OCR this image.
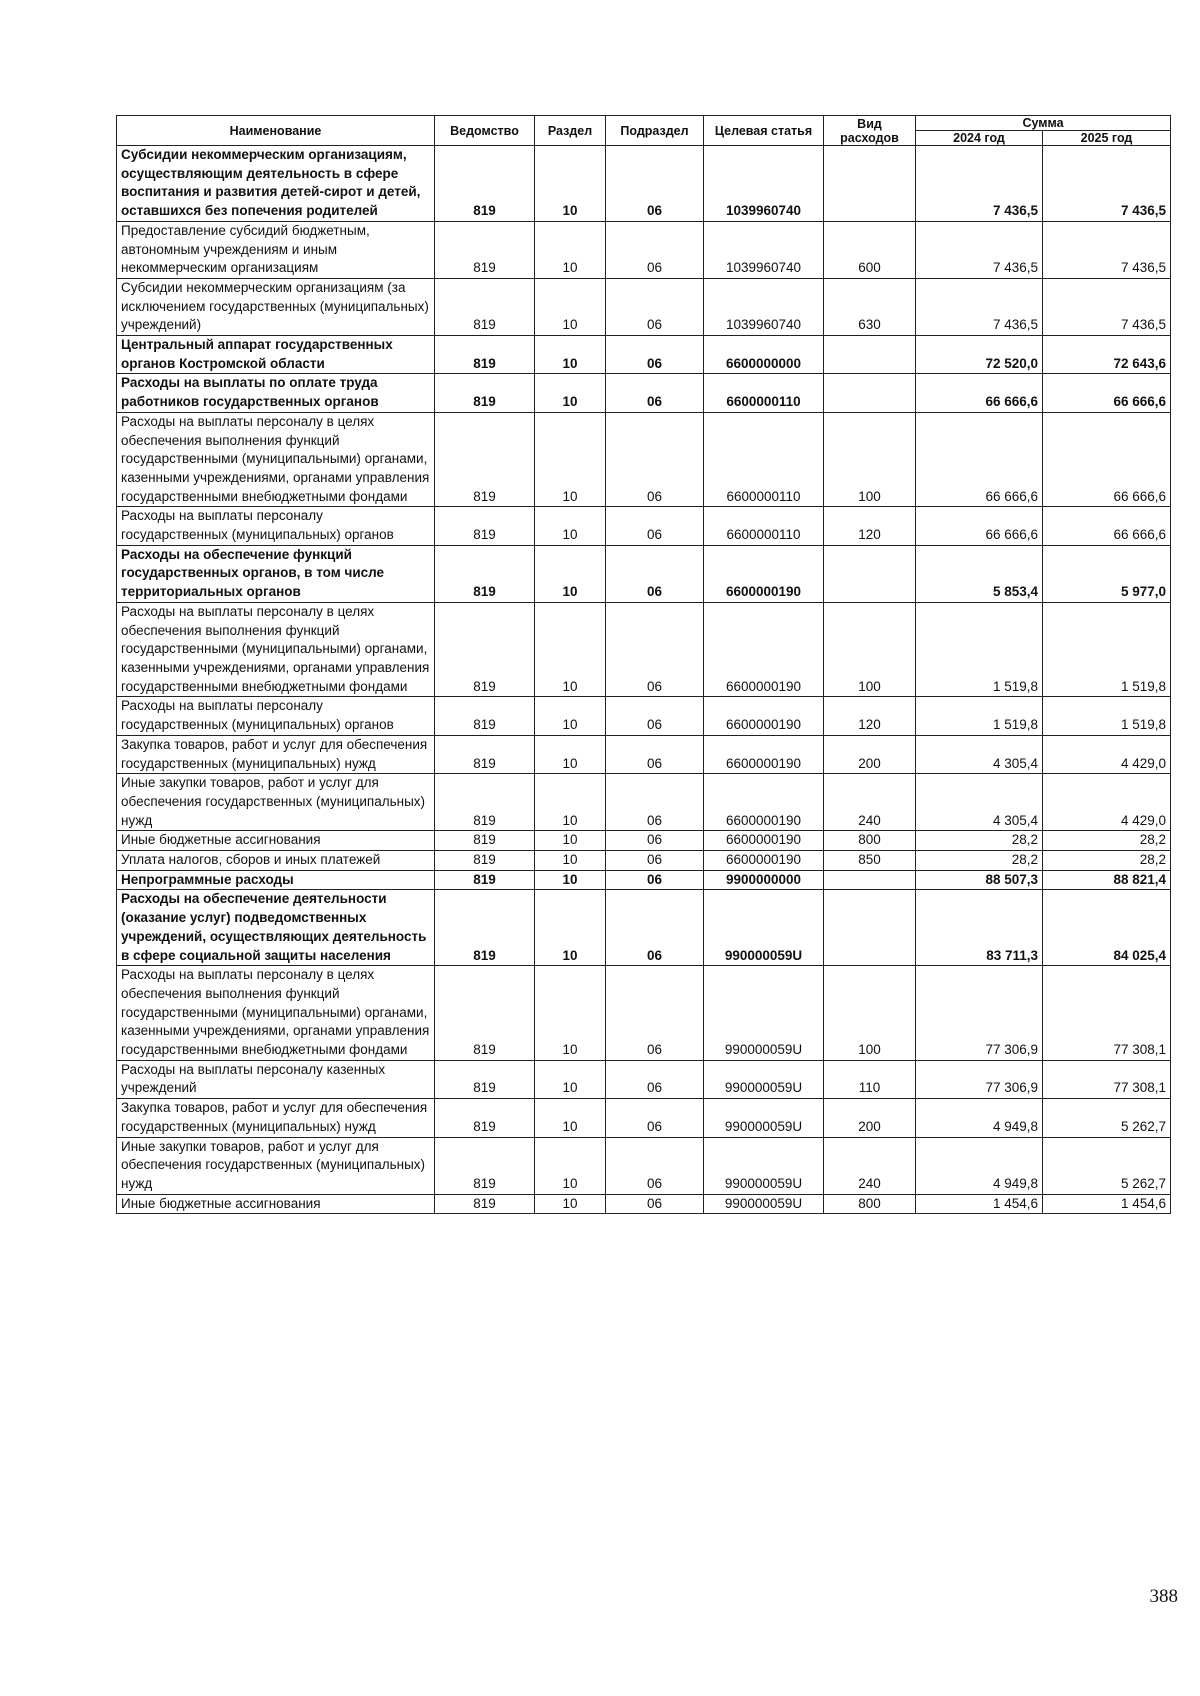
Наименование	Ведомство	Раздел	Подраздел	Целевая статья	Вид расходов	Сумма	
						2024 год	2025 год
Субсидии некоммерческим организациям, осуществляющим деятельность в сфере воспитания и развития детей-сирот и детей, оставшихся без попечения родителей	819	10	06	1039960740		7 436,5	7 436,5
Предоставление субсидий бюджетным, автономным учреждениям и иным некоммерческим организациям	819	10	06	1039960740	600	7 436,5	7 436,5
Субсидии некоммерческим организациям (за исключением государственных (муниципальных) учреждений)	819	10	06	1039960740	630	7 436,5	7 436,5
Центральный аппарат государственных органов Костромской области	819	10	06	6600000000		72 520,0	72 643,6
Расходы на выплаты по оплате труда работников государственных органов	819	10	06	6600000110		66 666,6	66 666,6
Расходы на выплаты персоналу в целях обеспечения выполнения функций государственными (муниципальными) органами, казенными учреждениями, органами управления государственными внебюджетными фондами	819	10	06	6600000110	100	66 666,6	66 666,6
Расходы на выплаты персоналу государственных (муниципальных) органов	819	10	06	6600000110	120	66 666,6	66 666,6
Расходы на обеспечение функций государственных органов, в том числе территориальных органов	819	10	06	6600000190		5 853,4	5 977,0
Расходы на выплаты персоналу в целях обеспечения выполнения функций государственными (муниципальными) органами, казенными учреждениями, органами управления государственными внебюджетными фондами	819	10	06	6600000190	100	1 519,8	1 519,8
Расходы на выплаты персоналу государственных (муниципальных) органов	819	10	06	6600000190	120	1 519,8	1 519,8
Закупка товаров, работ и услуг для обеспечения государственных (муниципальных) нужд	819	10	06	6600000190	200	4 305,4	4 429,0
Иные закупки товаров, работ и услуг для обеспечения государственных (муниципальных) нужд	819	10	06	6600000190	240	4 305,4	4 429,0
Иные бюджетные ассигнования	819	10	06	6600000190	800	28,2	28,2
Уплата налогов, сборов и иных платежей	819	10	06	6600000190	850	28,2	28,2
Непрограммные расходы	819	10	06	9900000000		88 507,3	88 821,4
Расходы на обеспечение деятельности (оказание услуг) подведомственных учреждений, осуществляющих деятельность в сфере социальной защиты населения	819	10	06	990000059U		83 711,3	84 025,4
Расходы на выплаты персоналу в целях обеспечения выполнения функций государственными (муниципальными) органами, казенными учреждениями, органами управления государственными внебюджетными фондами	819	10	06	990000059U	100	77 306,9	77 308,1
Расходы на выплаты персоналу казенных учреждений	819	10	06	990000059U	110	77 306,9	77 308,1
Закупка товаров, работ и услуг для обеспечения государственных (муниципальных) нужд	819	10	06	990000059U	200	4 949,8	5 262,7
Иные закупки товаров, работ и услуг для обеспечения государственных (муниципальных) нужд	819	10	06	990000059U	240	4 949,8	5 262,7
Иные бюджетные ассигнования	819	10	06	990000059U	800	1 454,6	1 454,6
388
